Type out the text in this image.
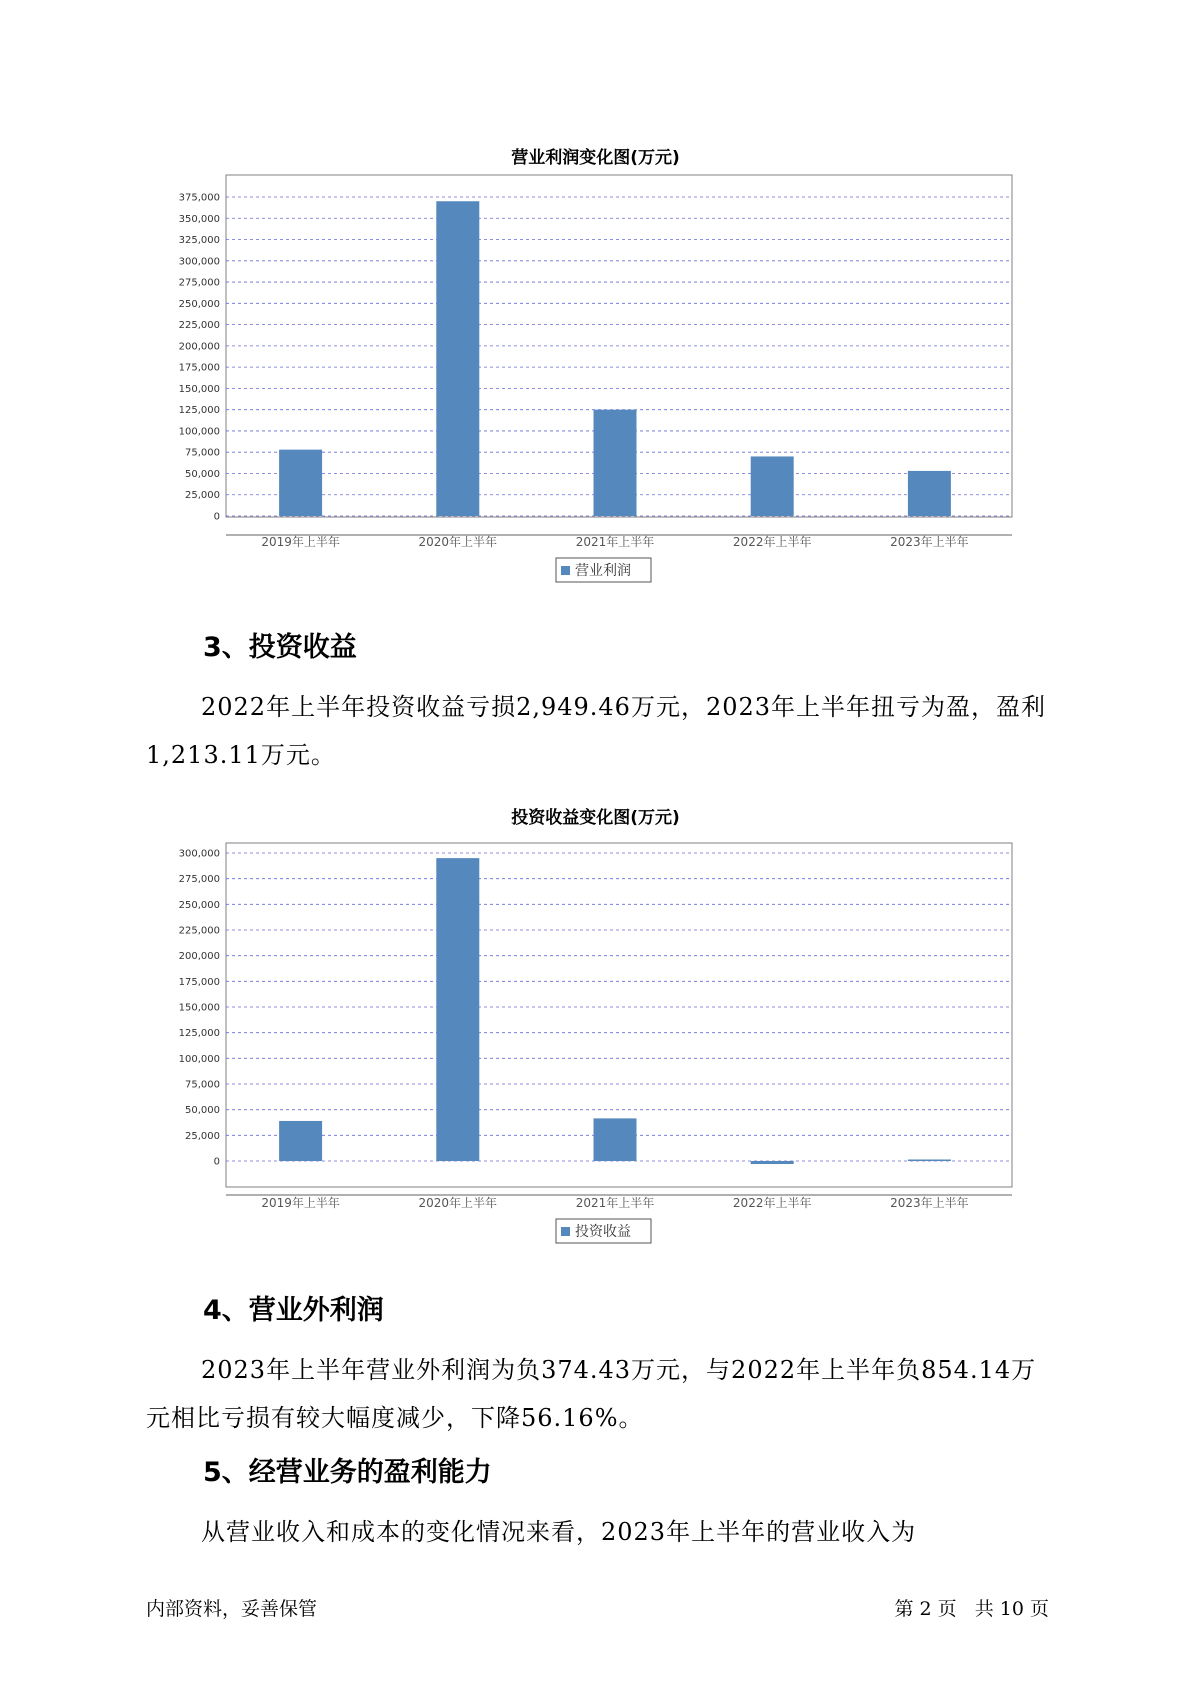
营业利润变化图(万元)
0
25,000
50,000
75,000
100,000
125,000
150,000
175,000
200,000
225,000
250,000
275,000
300,000
325,000
350,000
375,000
2019年上半年	2020年上半年	2021年上半年	2022年上半年	2023年上半年
营业利润
3、投资收益

2022年上半年投资收益亏损2,949.46万元，2023年上半年扭亏为盈，盈利1,213.11万元。

投资收益变化图(万元)
0
25,000
50,000
75,000
100,000
125,000
150,000
175,000
200,000
225,000
250,000
275,000
300,000
2019年上半年	2020年上半年	2021年上半年	2022年上半年	2023年上半年
投资收益
4、营业外利润

2023年上半年营业外利润为负374.43万元，与2022年上半年负854.14万元相比亏损有较大幅度减少，下降56.16%。

5、经营业务的盈利能力

从营业收入和成本的变化情况来看，2023年上半年的营业收入为

内部资料，妥善保管	第 2 页   共 10 页
